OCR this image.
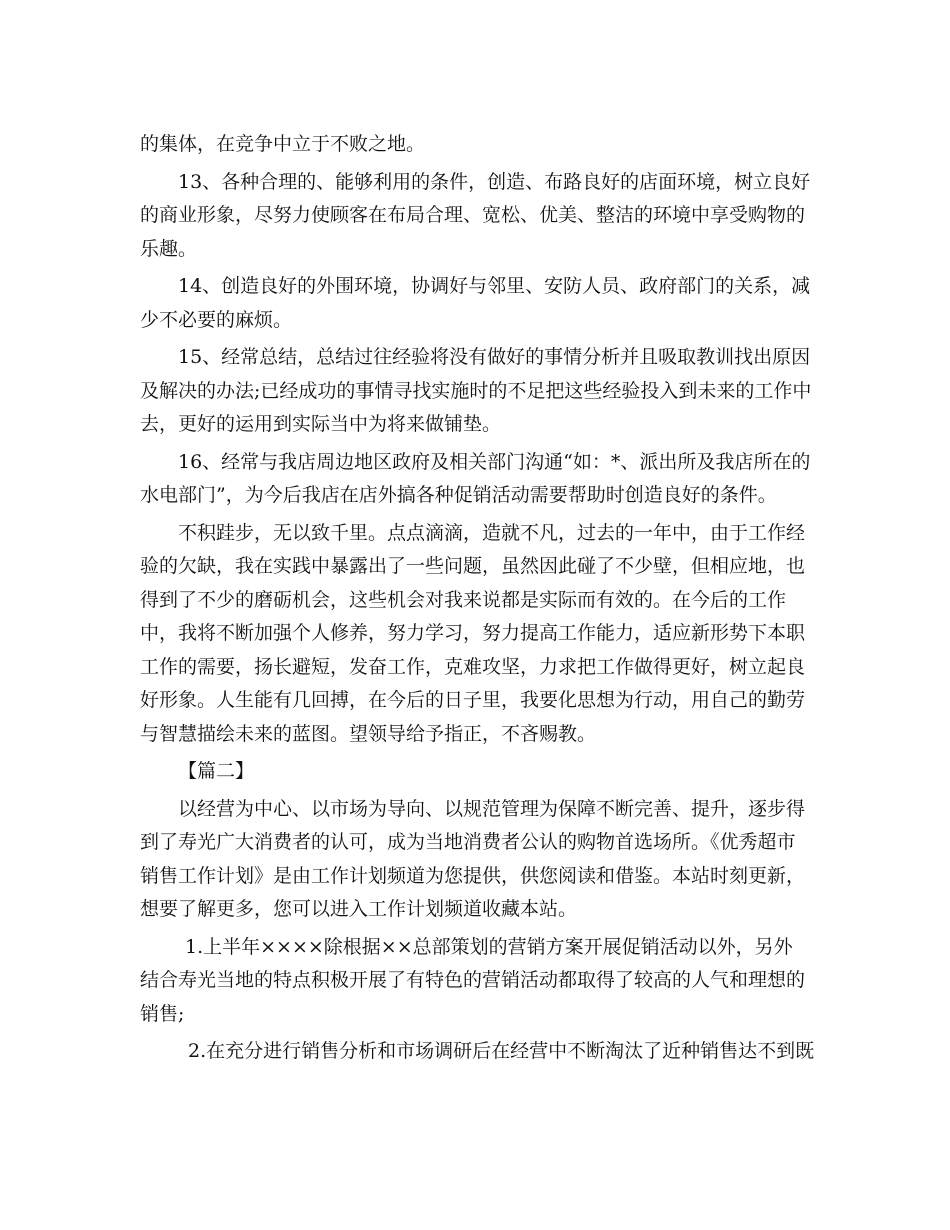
的集体，在竞争中立于不败之地。
13、各种合理的、能够利用的条件，创造、布路良好的店面环境，树立良好
的商业形象，尽努力使顾客在布局合理、宽松、优美、整洁的环境中享受购物的
乐趣。
14、创造良好的外围环境，协调好与邻里、安防人员、政府部门的关系，减
少不必要的麻烦。
15、经常总结，总结过往经验将没有做好的事情分析并且吸取教训找出原因
及解决的办法;已经成功的事情寻找实施时的不足把这些经验投入到未来的工作中
去，更好的运用到实际当中为将来做铺垫。
16、经常与我店周边地区政府及相关部门沟通“如：*、派出所及我店所在的
水电部门”，为今后我店在店外搞各种促销活动需要帮助时创造良好的条件。
不积跬步，无以致千里。点点滴滴，造就不凡，过去的一年中，由于工作经
验的欠缺，我在实践中暴露出了一些问题，虽然因此碰了不少壁，但相应地，也
得到了不少的磨砺机会，这些机会对我来说都是实际而有效的。在今后的工作
中，我将不断加强个人修养，努力学习，努力提高工作能力，适应新形势下本职
工作的需要，扬长避短，发奋工作，克难攻坚，力求把工作做得更好，树立起良
好形象。人生能有几回搏，在今后的日子里，我要化思想为行动，用自己的勤劳
与智慧描绘未来的蓝图。望领导给予指正，不吝赐教。
【篇二】
以经营为中心、以市场为导向、以规范管理为保障不断完善、提升，逐步得
到了寿光广大消费者的认可，成为当地消费者公认的购物首选场所。《优秀超市
销售工作计划》是由工作计划频道为您提供，供您阅读和借鉴。本站时刻更新，
想要了解更多，您可以进入工作计划频道收藏本站。
1.上半年××××除根据××总部策划的营销方案开展促销活动以外，另外
结合寿光当地的特点积极开展了有特色的营销活动都取得了较高的人气和理想的
销售;
2.在充分进行销售分析和市场调研后在经营中不断淘汰了近种销售达不到既
